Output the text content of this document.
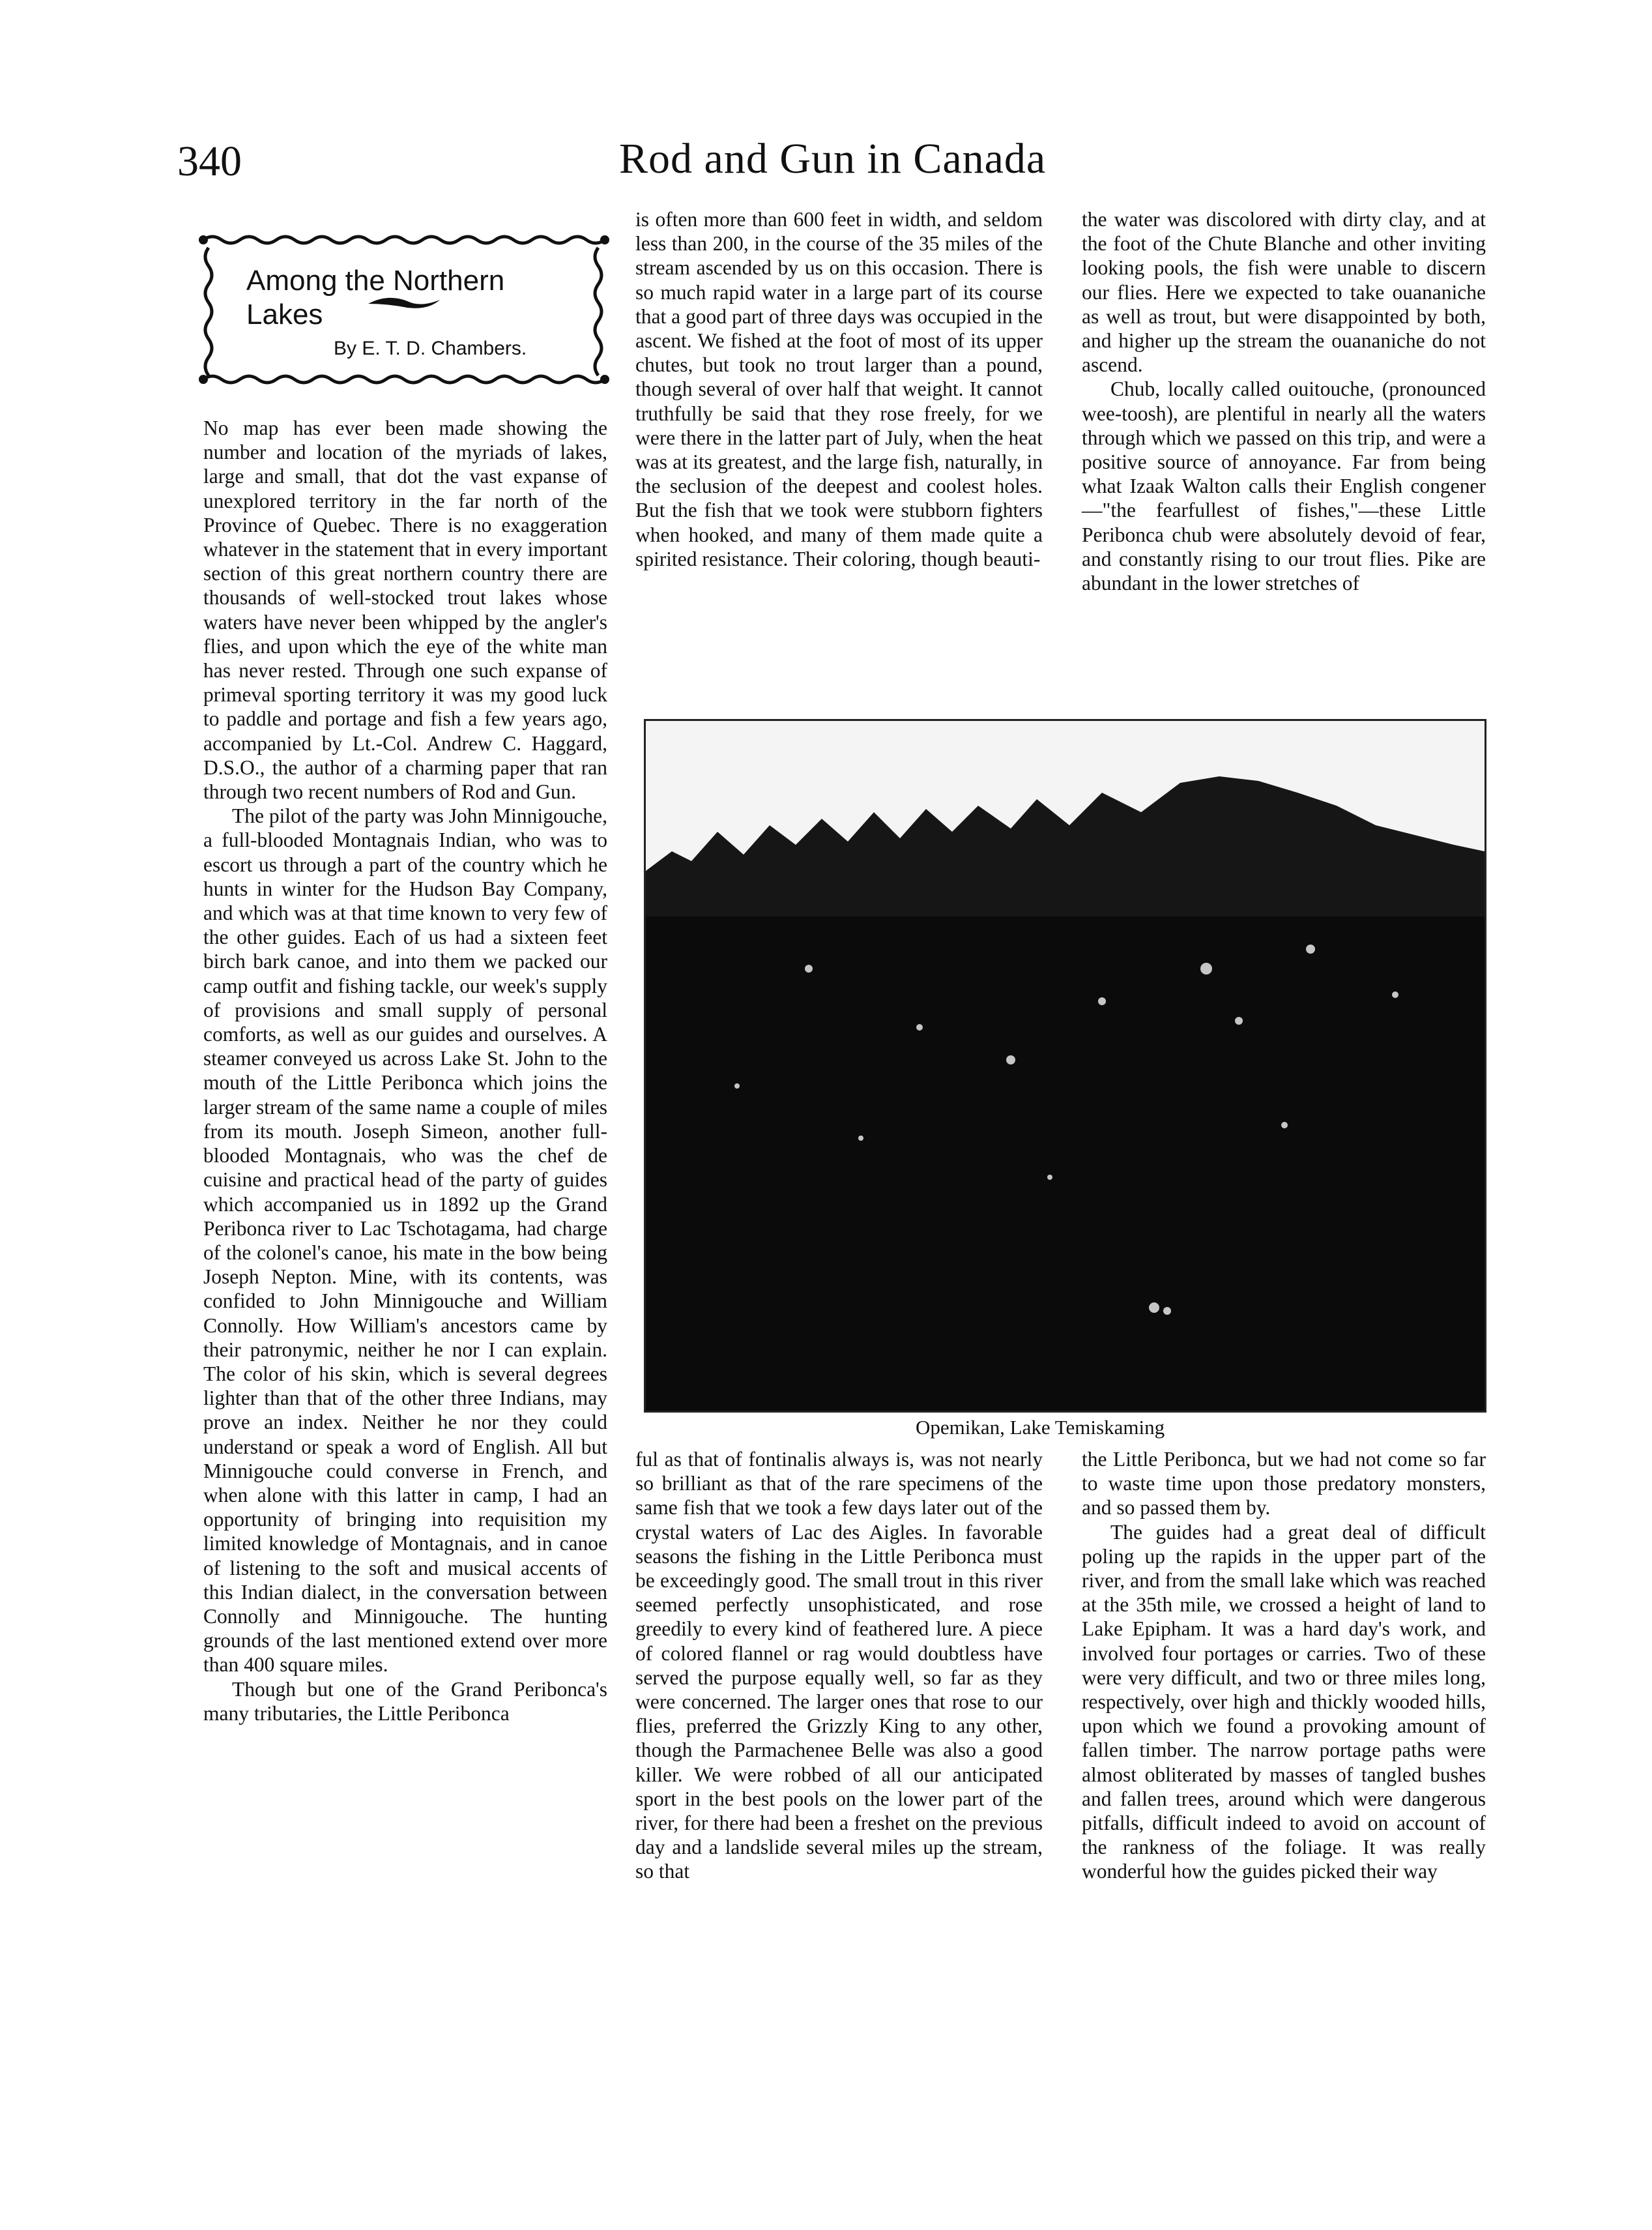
340	Rod and Gun in Canada
Among the Northern Lakes
By E. T. D. Chambers.

No map has ever been made showing the number and location of the myriads of lakes, large and small, that dot the vast expanse of unexplored territory in the far north of the Province of Quebec. There is no exaggeration whatever in the statement that in every important section of this great northern country there are thousands of well-stocked trout lakes whose waters have never been whipped by the angler's flies, and upon which the eye of the white man has never rested. Through one such expanse of primeval sporting territory it was my good luck to paddle and portage and fish a few years ago, accompanied by Lt.-Col. Andrew C. Haggard, D.S.O., the author of a charming paper that ran through two recent numbers of Rod and Gun.

The pilot of the party was John Minnigouche, a full-blooded Montagnais Indian, who was to escort us through a part of the country which he hunts in winter for the Hudson Bay Company, and which was at that time known to very few of the other guides. Each of us had a sixteen feet birch bark canoe, and into them we packed our camp outfit and fishing tackle, our week's supply of provisions and small supply of personal comforts, as well as our guides and ourselves. A steamer conveyed us across Lake St. John to the mouth of the Little Peribonca which joins the larger stream of the same name a couple of miles from its mouth. Joseph Simeon, another full-blooded Montagnais, who was the chef de cuisine and practical head of the party of guides which accompanied us in 1892 up the Grand Peribonca river to Lac Tschotagama, had charge of the colonel's canoe, his mate in the bow being Joseph Nepton. Mine, with its contents, was confided to John Minnigouche and William Connolly. How William's ancestors came by their patronymic, neither he nor I can explain. The color of his skin, which is several degrees lighter than that of the other three Indians, may prove an index. Neither he nor they could understand or speak a word of English. All but Minnigouche could converse in French, and when alone with this latter in camp, I had an opportunity of bringing into requisition my limited knowledge of Montagnais, and in canoe of listening to the soft and musical accents of this Indian dialect, in the conversation between Connolly and Minnigouche. The hunting grounds of the last mentioned extend over more than 400 square miles.

Though but one of the Grand Peribonca's many tributaries, the Little Peribonca

is often more than 600 feet in width, and seldom less than 200, in the course of the 35 miles of the stream ascended by us on this occasion. There is so much rapid water in a large part of its course that a good part of three days was occupied in the ascent. We fished at the foot of most of its upper chutes, but took no trout larger than a pound, though several of over half that weight. It cannot truthfully be said that they rose freely, for we were there in the latter part of July, when the heat was at its greatest, and the large fish, naturally, in the seclusion of the deepest and coolest holes. But the fish that we took were stubborn fighters when hooked, and many of them made quite a spirited resistance. Their coloring, though beauti-

the water was discolored with dirty clay, and at the foot of the Chute Blanche and other inviting looking pools, the fish were unable to discern our flies. Here we expected to take ouananiche as well as trout, but were disappointed by both, and higher up the stream the ouananiche do not ascend.

Chub, locally called ouitouche, (pronounced wee-toosh), are plentiful in nearly all the waters through which we passed on this trip, and were a positive source of annoyance. Far from being what Izaak Walton calls their English congener—"the fearfullest of fishes,"—these Little Peribonca chub were absolutely devoid of fear, and constantly rising to our trout flies. Pike are abundant in the lower stretches of

Opemikan, Lake Temiskaming

ful as that of fontinalis always is, was not nearly so brilliant as that of the rare specimens of the same fish that we took a few days later out of the crystal waters of Lac des Aigles. In favorable seasons the fishing in the Little Peribonca must be exceedingly good. The small trout in this river seemed perfectly unsophisticated, and rose greedily to every kind of feathered lure. A piece of colored flannel or rag would doubtless have served the purpose equally well, so far as they were concerned. The larger ones that rose to our flies, preferred the Grizzly King to any other, though the Parmachenee Belle was also a good killer. We were robbed of all our anticipated sport in the best pools on the lower part of the river, for there had been a freshet on the previous day and a landslide several miles up the stream, so that

the Little Peribonca, but we had not come so far to waste time upon those predatory monsters, and so passed them by.

The guides had a great deal of difficult poling up the rapids in the upper part of the river, and from the small lake which was reached at the 35th mile, we crossed a height of land to Lake Epipham. It was a hard day's work, and involved four portages or carries. Two of these were very difficult, and two or three miles long, respectively, over high and thickly wooded hills, upon which we found a provoking amount of fallen timber. The narrow portage paths were almost obliterated by masses of tangled bushes and fallen trees, around which were dangerous pitfalls, difficult indeed to avoid on account of the rankness of the foliage. It was really wonderful how the guides picked their way
